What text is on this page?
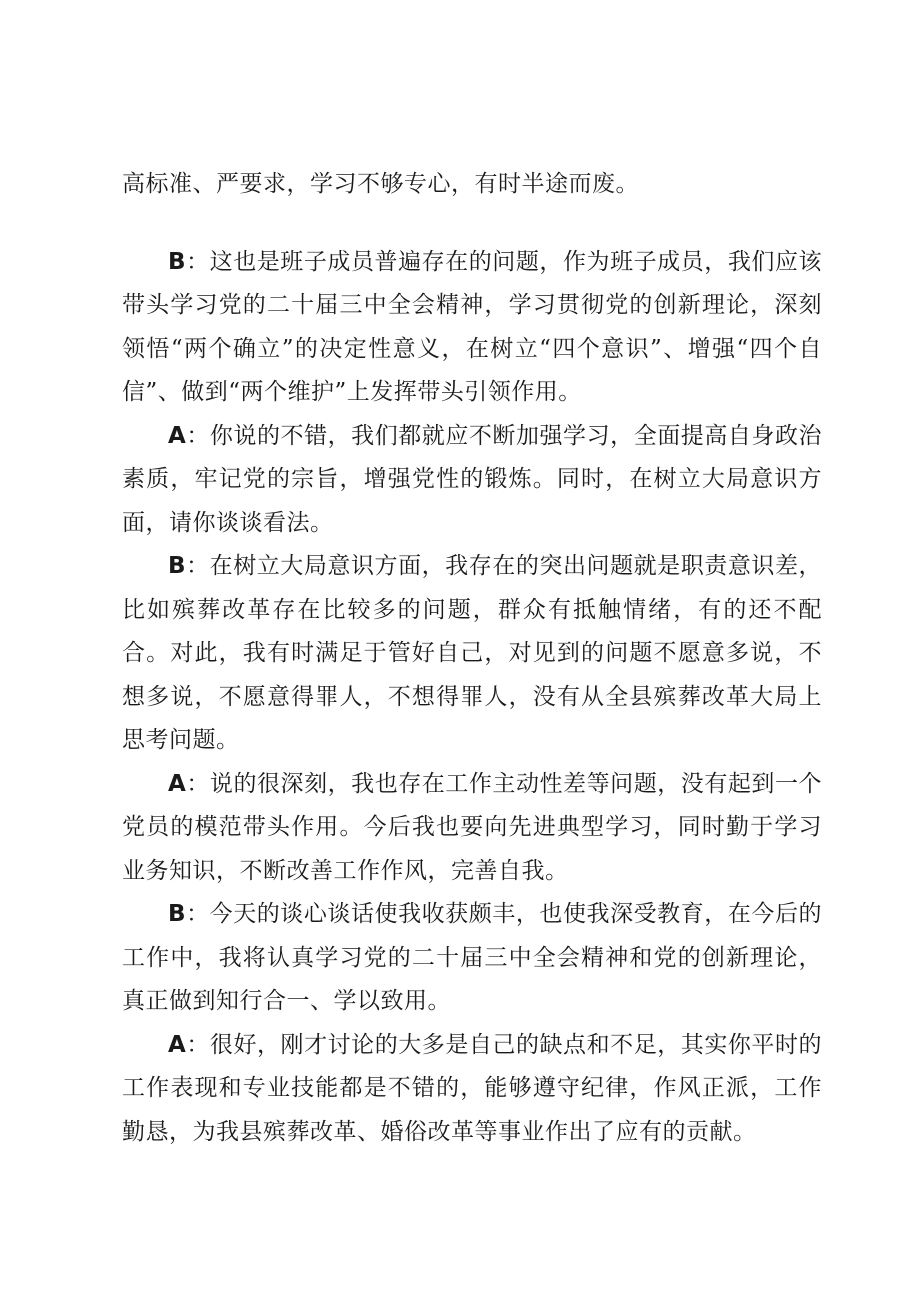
高标准、严要求，学习不够专心，有时半途而废。

B：这也是班子成员普遍存在的问题，作为班子成员，我们应该带头学习党的二十届三中全会精神，学习贯彻党的创新理论，深刻领悟“两个确立”的决定性意义，在树立“四个意识”、增强“四个自信”、做到“两个维护”上发挥带头引领作用。

A：你说的不错，我们都就应不断加强学习，全面提高自身政治素质，牢记党的宗旨，增强党性的锻炼。同时，在树立大局意识方面，请你谈谈看法。

B：在树立大局意识方面，我存在的突出问题就是职责意识差，比如殡葬改革存在比较多的问题，群众有抵触情绪，有的还不配合。对此，我有时满足于管好自己，对见到的问题不愿意多说，不想多说，不愿意得罪人，不想得罪人，没有从全县殡葬改革大局上思考问题。

A：说的很深刻，我也存在工作主动性差等问题，没有起到一个党员的模范带头作用。今后我也要向先进典型学习，同时勤于学习业务知识，不断改善工作作风，完善自我。

B：今天的谈心谈话使我收获颇丰，也使我深受教育，在今后的工作中，我将认真学习党的二十届三中全会精神和党的创新理论，真正做到知行合一、学以致用。

A：很好，刚才讨论的大多是自己的缺点和不足，其实你平时的工作表现和专业技能都是不错的，能够遵守纪律，作风正派，工作勤恳，为我县殡葬改革、婚俗改革等事业作出了应有的贡献。
